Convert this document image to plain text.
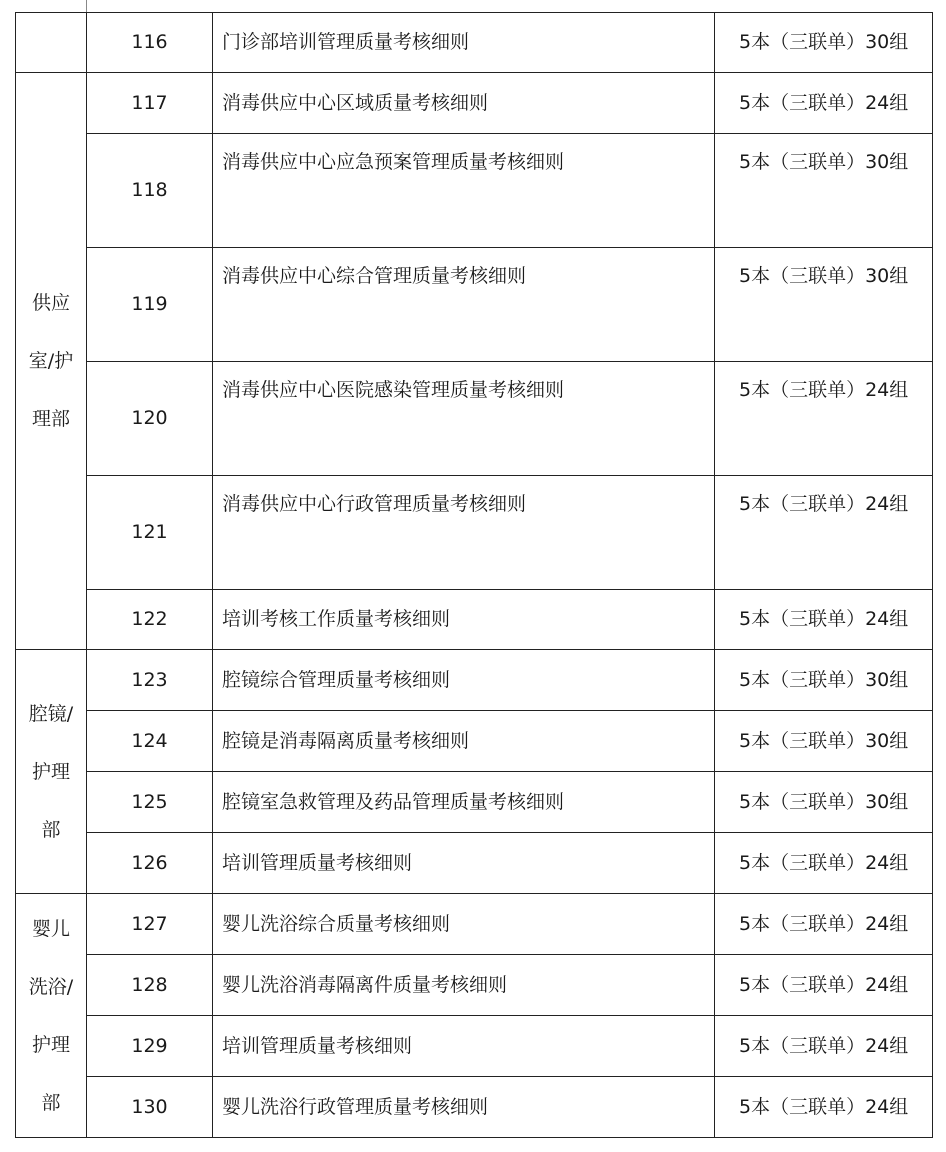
	116	门诊部培训管理质量考核细则	5本（三联单）30组

供应
室/护
理部	117	消毒供应中心区域质量考核细则	5本（三联单）24组
	118	消毒供应中心应急预案管理质量考核细则	5本（三联单）30组
	119	消毒供应中心综合管理质量考核细则	5本（三联单）30组
	120	消毒供应中心医院感染管理质量考核细则	5本（三联单）24组
	121	消毒供应中心行政管理质量考核细则	5本（三联单）24组
	122	培训考核工作质量考核细则	5本（三联单）24组

腔镜/
护理
部	123	腔镜综合管理质量考核细则	5本（三联单）30组
	124	腔镜是消毒隔离质量考核细则	5本（三联单）30组
	125	腔镜室急救管理及药品管理质量考核细则	5本（三联单）30组
	126	培训管理质量考核细则	5本（三联单）24组

婴儿
洗浴/
护理
部	127	婴儿洗浴综合质量考核细则	5本（三联单）24组
	128	婴儿洗浴消毒隔离件质量考核细则	5本（三联单）24组
	129	培训管理质量考核细则	5本（三联单）24组
	130	婴儿洗浴行政管理质量考核细则	5本（三联单）24组
